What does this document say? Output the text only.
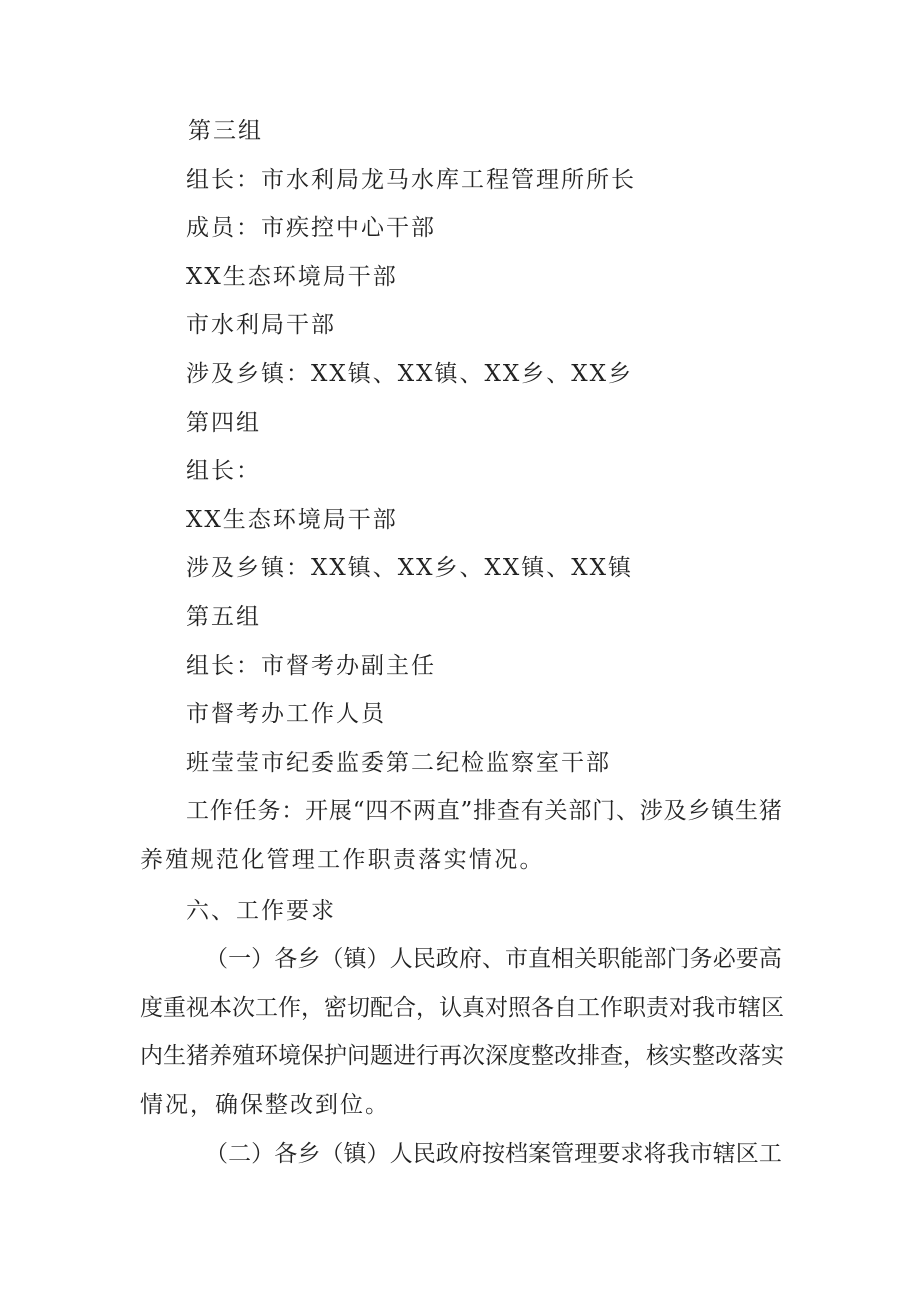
第三组
组长：市水利局龙马水库工程管理所所长
成员：市疾控中心干部
XX生态环境局干部
市水利局干部
涉及乡镇：XX镇、XX镇、XX乡、XX乡
第四组
组长：
XX生态环境局干部
涉及乡镇：XX镇、XX乡、XX镇、XX镇
第五组
组长：市督考办副主任
市督考办工作人员
班莹莹市纪委监委第二纪检监察室干部
工 作 任 务 ： 开 展 “ 四 不 两 直 ” 排 查 有 关 部 门 、 涉 及 乡 镇 生 猪
养殖规范化管理工作职责落实情况。
六、工作要求
（ 一 ） 各 乡 （ 镇 ） 人 民 政 府 、 市 直 相 关 职 能 部 门 务 必 要 高
度 重 视 本 次 工 作 ， 密 切 配 合 ， 认 真 对 照 各 自 工 作 职 责 对 我 市 辖 区
内 生 猪 养 殖 环 境 保 护 问 题 进 行 再 次 深 度 整 改 排 查 ， 核 实 整 改 落 实
情况，确保整改到位。
（ 二 ） 各 乡 （ 镇 ） 人 民 政 府 按 档 案 管 理 要 求 将 我 市 辖 区 工
